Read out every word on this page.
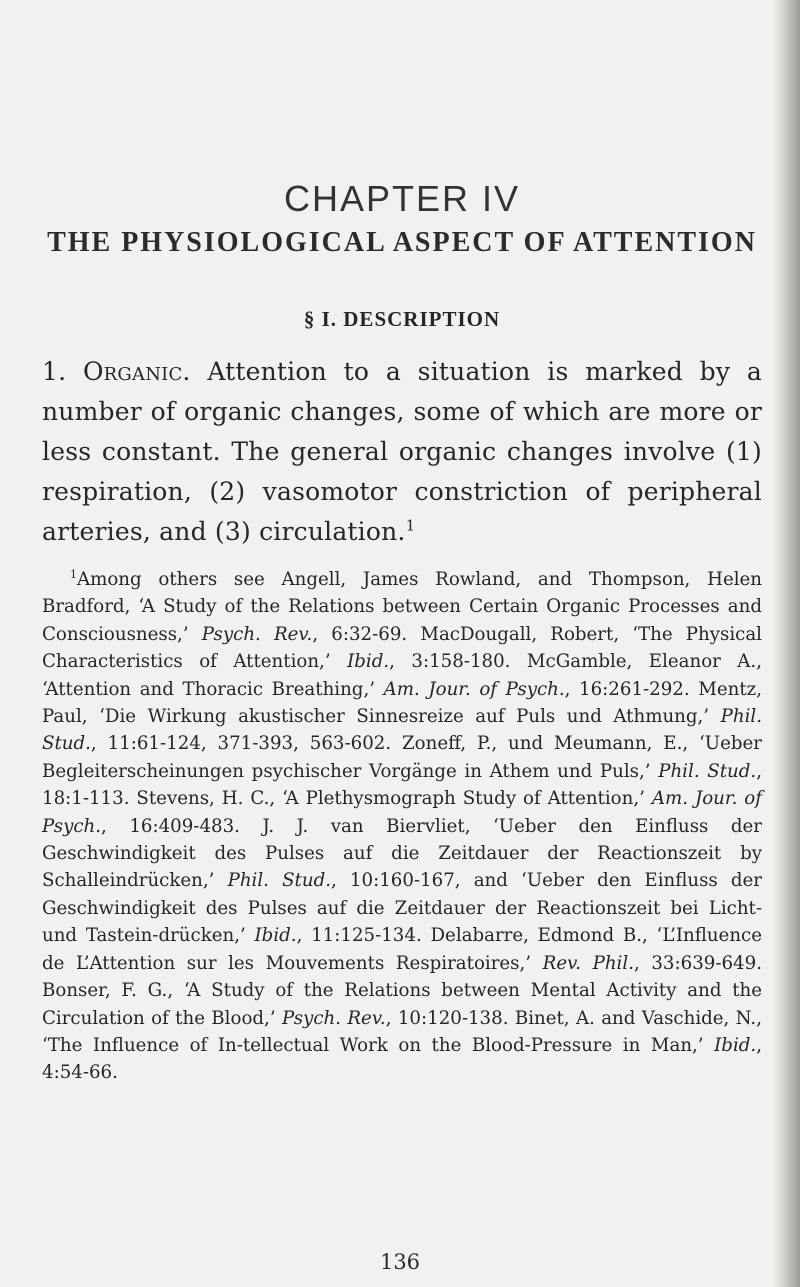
CHAPTER IV
THE PHYSIOLOGICAL ASPECT OF ATTENTION
§ I. DESCRIPTION

1. Organic. Attention to a situation is marked by a number of organic changes, some of which are more or less constant. The general organic changes involve (1) respiration, (2) vasomotor constriction of peripheral arteries, and (3) circulation.$^1$

$^1$Among others see Angell, James Rowland, and Thompson, Helen Bradford, ‘A Study of the Relations between Certain Organic Processes and Consciousness,’ Psych. Rev., 6:32-69. MacDougall, Robert, ‘The Physical Characteristics of Attention,’ Ibid., 3:158-180. McGamble, Eleanor A., ‘Attention and Thoracic Breathing,’ Am. Jour. of Psych., 16:261-292. Mentz, Paul, ‘Die Wirkung akustischer Sinnesreize auf Puls und Athmung,’ Phil. Stud., 11:61-124, 371-393, 563-602. Zoneff, P., und Meumann, E., ‘Ueber Begleiterscheinungen psychischer Vorgänge in Athem und Puls,’ Phil. Stud., 18:1-113. Stevens, H. C., ‘A Plethysmograph Study of Attention,’ Am. Jour. of Psych., 16:409-483. J. J. van Biervliet, ‘Ueber den Einfluss der Geschwindigkeit des Pulses auf die Zeitdauer der Reactionszeit by Schalleindrücken,’ Phil. Stud., 10:160-167, and ‘Ueber den Einfluss der Geschwindigkeit des Pulses auf die Zeitdauer der Reactionszeit bei Licht- und Tastein-drücken,’ Ibid., 11:125-134. Delabarre, Edmond B., ‘L’Influence de L’Attention sur les Mouvements Respiratoires,’ Rev. Phil., 33:639-649. Bonser, F. G., ‘A Study of the Relations between Mental Activity and the Circulation of the Blood,’ Psych. Rev., 10:120-138. Binet, A. and Vaschide, N., ‘The Influence of In-tellectual Work on the Blood-Pressure in Man,’ Ibid., 4:54-66.

136
